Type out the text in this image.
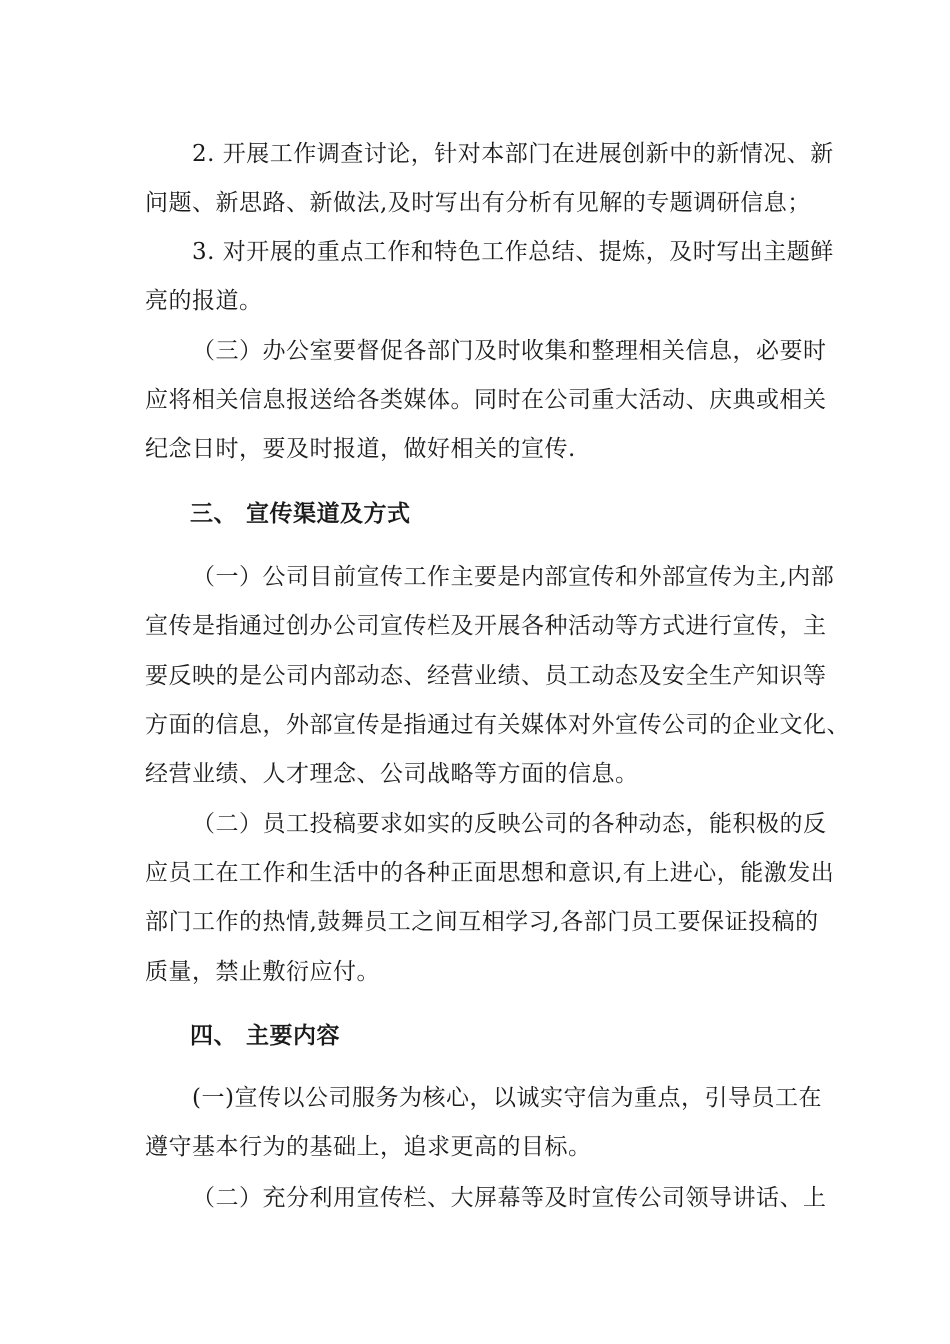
2. 开展工作调查讨论，针对本部门在进展创新中的新情况、新
问题、新思路、新做法,及时写出有分析有见解的专题调研信息；
3. 对开展的重点工作和特色工作总结、提炼，及时写出主题鲜
亮的报道。
（三）办公室要督促各部门及时收集和整理相关信息，必要时
应将相关信息报送给各类媒体。同时在公司重大活动、庆典或相关
纪念日时，要及时报道，做好相关的宣传.
三、 宣传渠道及方式
（一）公司目前宣传工作主要是内部宣传和外部宣传为主,内部
宣传是指通过创办公司宣传栏及开展各种活动等方式进行宣传，主
要反映的是公司内部动态、经营业绩、员工动态及安全生产知识等
方面的信息，外部宣传是指通过有关媒体对外宣传公司的企业文化、
经营业绩、人才理念、公司战略等方面的信息。
（二）员工投稿要求如实的反映公司的各种动态，能积极的反
应员工在工作和生活中的各种正面思想和意识,有上进心，能激发出
部门工作的热情,鼓舞员工之间互相学习,各部门员工要保证投稿的
质量，禁止敷衍应付。
四、 主要内容
(一)宣传以公司服务为核心，以诚实守信为重点，引导员工在
遵守基本行为的基础上，追求更高的目标。
（二）充分利用宣传栏、大屏幕等及时宣传公司领导讲话、上
